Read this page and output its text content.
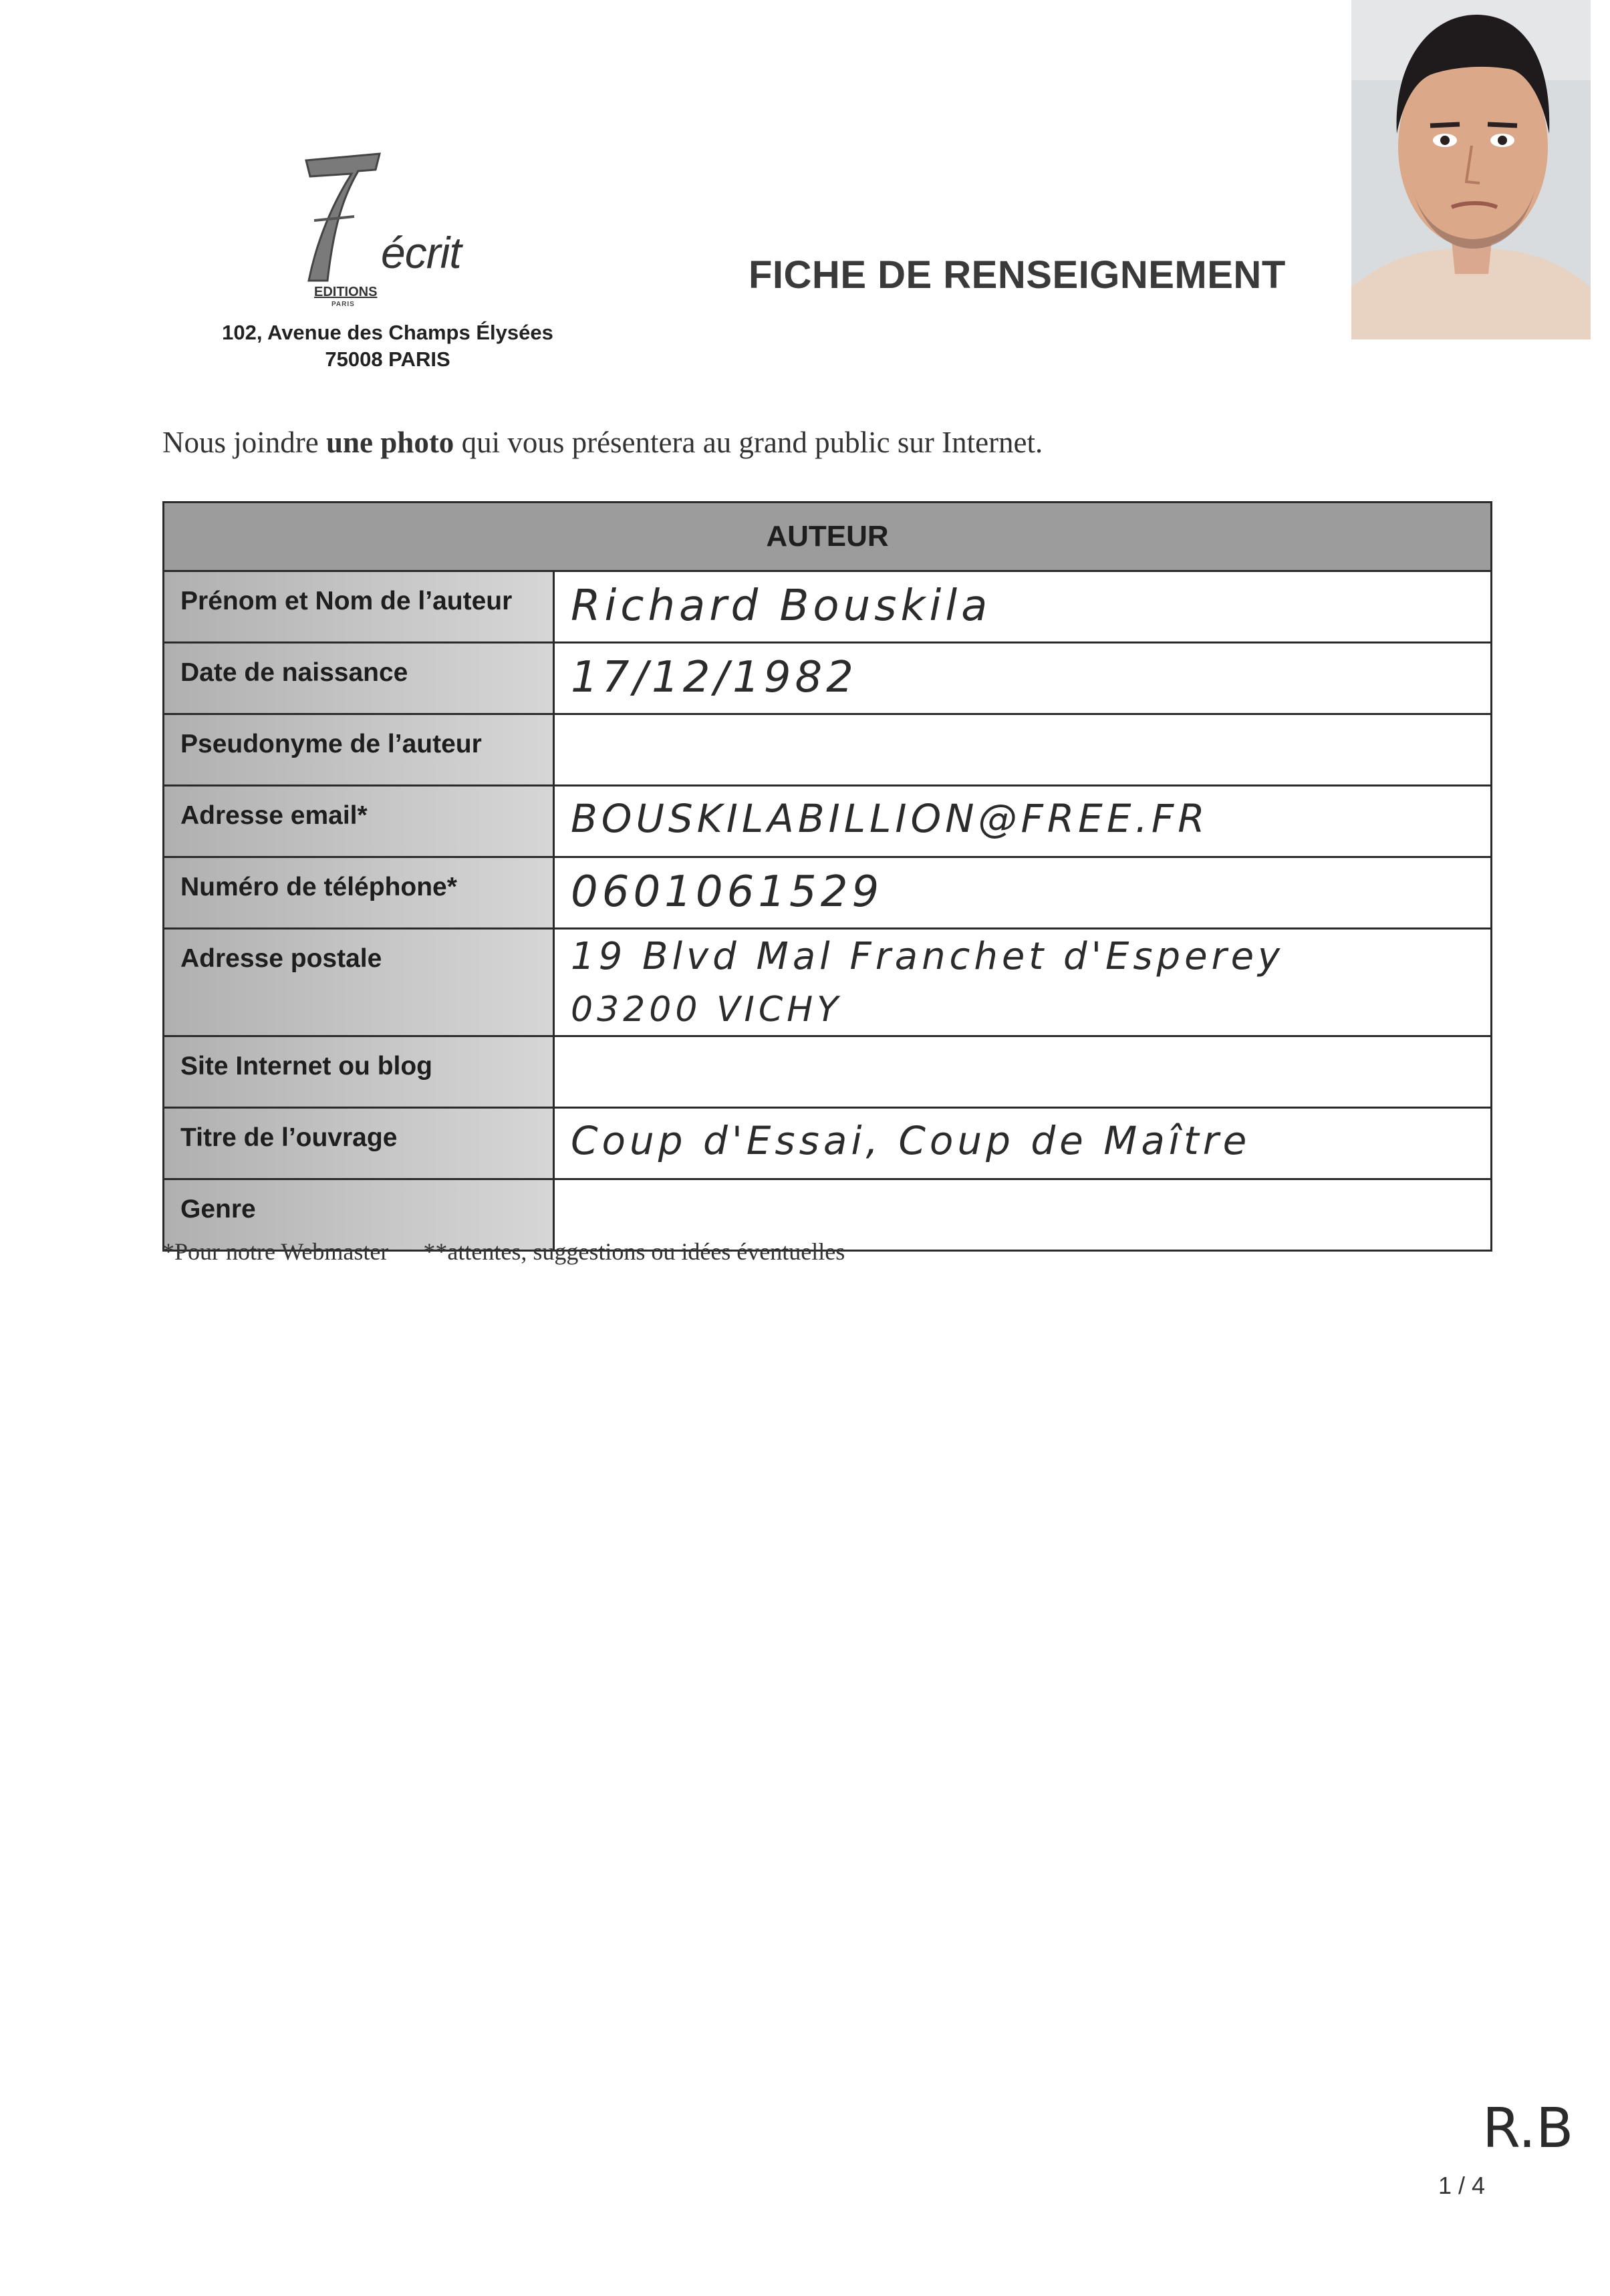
écrit
EDITIONS
PARIS
102, Avenue des Champs Élysées
75008 PARIS
FICHE DE RENSEIGNEMENT
Nous joindre une photo qui vous présentera au grand public sur Internet.
AUTEUR
Prénom et Nom de l’auteur	Richard Bouskila
Date de naissance	17/12/1982
Pseudonyme de l’auteur
Adresse email*	BOUSKILABILLION@FREE.FR
Numéro de téléphone*	0601061529
Adresse postale	19 Blvd Mal Franchet d'Esperey
03200 VICHY
Site Internet ou blog
Titre de l’ouvrage	Coup d'Essai, Coup de Maître
Genre
*Pour notre Webmaster **attentes, suggestions ou idées éventuelles
R.B
1 / 4
